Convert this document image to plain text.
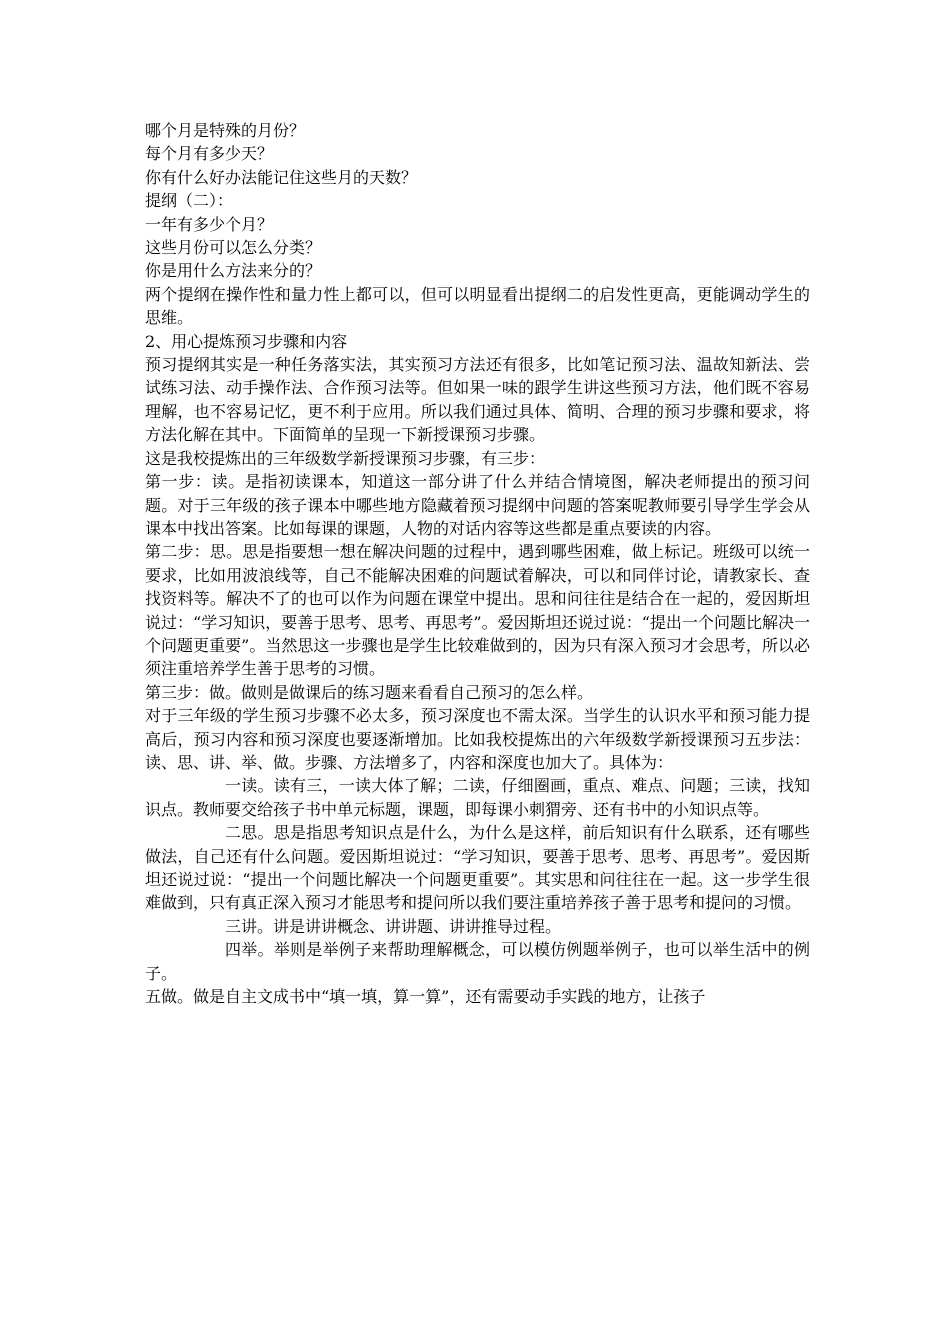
哪个月是特殊的月份？

每个月有多少天？

你有什么好办法能记住这些月的天数？

提纲（二）：

一年有多少个月？

这些月份可以怎么分类？

你是用什么方法来分的？

两个提纲在操作性和量力性上都可以，但可以明显看出提纲二的启发性更高，更能调动学生的思维。

2、用心提炼预习步骤和内容

预习提纲其实是一种任务落实法，其实预习方法还有很多，比如笔记预习法、温故知新法、尝试练习法、动手操作法、合作预习法等。但如果一味的跟学生讲这些预习方法，他们既不容易理解，也不容易记忆，更不利于应用。所以我们通过具体、简明、合理的预习步骤和要求，将方法化解在其中。下面简单的呈现一下新授课预习步骤。

这是我校提炼出的三年级数学新授课预习步骤，有三步：

第一步：读。是指初读课本，知道这一部分讲了什么并结合情境图，解决老师提出的预习问题。对于三年级的孩子课本中哪些地方隐藏着预习提纲中问题的答案呢教师要引导学生学会从课本中找出答案。比如每课的课题，人物的对话内容等这些都是重点要读的内容。

第二步：思。思是指要想一想在解决问题的过程中，遇到哪些困难，做上标记。班级可以统一要求，比如用波浪线等，自己不能解决困难的问题试着解决，可以和同伴讨论，请教家长、查找资料等。解决不了的也可以作为问题在课堂中提出。思和问往往是结合在一起的，爱因斯坦说过：“学习知识，要善于思考、思考、再思考”。爱因斯坦还说过说：“提出一个问题比解决一个问题更重要”。当然思这一步骤也是学生比较难做到的，因为只有深入预习才会思考，所以必须注重培养学生善于思考的习惯。

第三步：做。做则是做课后的练习题来看看自己预习的怎么样。

对于三年级的学生预习步骤不必太多，预习深度也不需太深。当学生的认识水平和预习能力提高后，预习内容和预习深度也要逐渐增加。比如我校提炼出的六年级数学新授课预习五步法：读、思、讲、举、做。步骤、方法增多了，内容和深度也加大了。具体为：

一读。读有三，一读大体了解；二读，仔细圈画，重点、难点、问题；三读，找知识点。教师要交给孩子书中单元标题，课题，即每课小刺猬旁、还有书中的小知识点等。

二思。思是指思考知识点是什么，为什么是这样，前后知识有什么联系，还有哪些做法，自己还有什么问题。爱因斯坦说过：“学习知识，要善于思考、思考、再思考”。爱因斯坦还说过说：“提出一个问题比解决一个问题更重要”。其实思和问往往在一起。这一步学生很难做到，只有真正深入预习才能思考和提问所以我们要注重培养孩子善于思考和提问的习惯。

三讲。讲是讲讲概念、讲讲题、讲讲推导过程。

四举。举则是举例子来帮助理解概念，可以模仿例题举例子，也可以举生活中的例子。

五做。做是自主文成书中“填一填，算一算”，还有需要动手实践的地方，让孩子
